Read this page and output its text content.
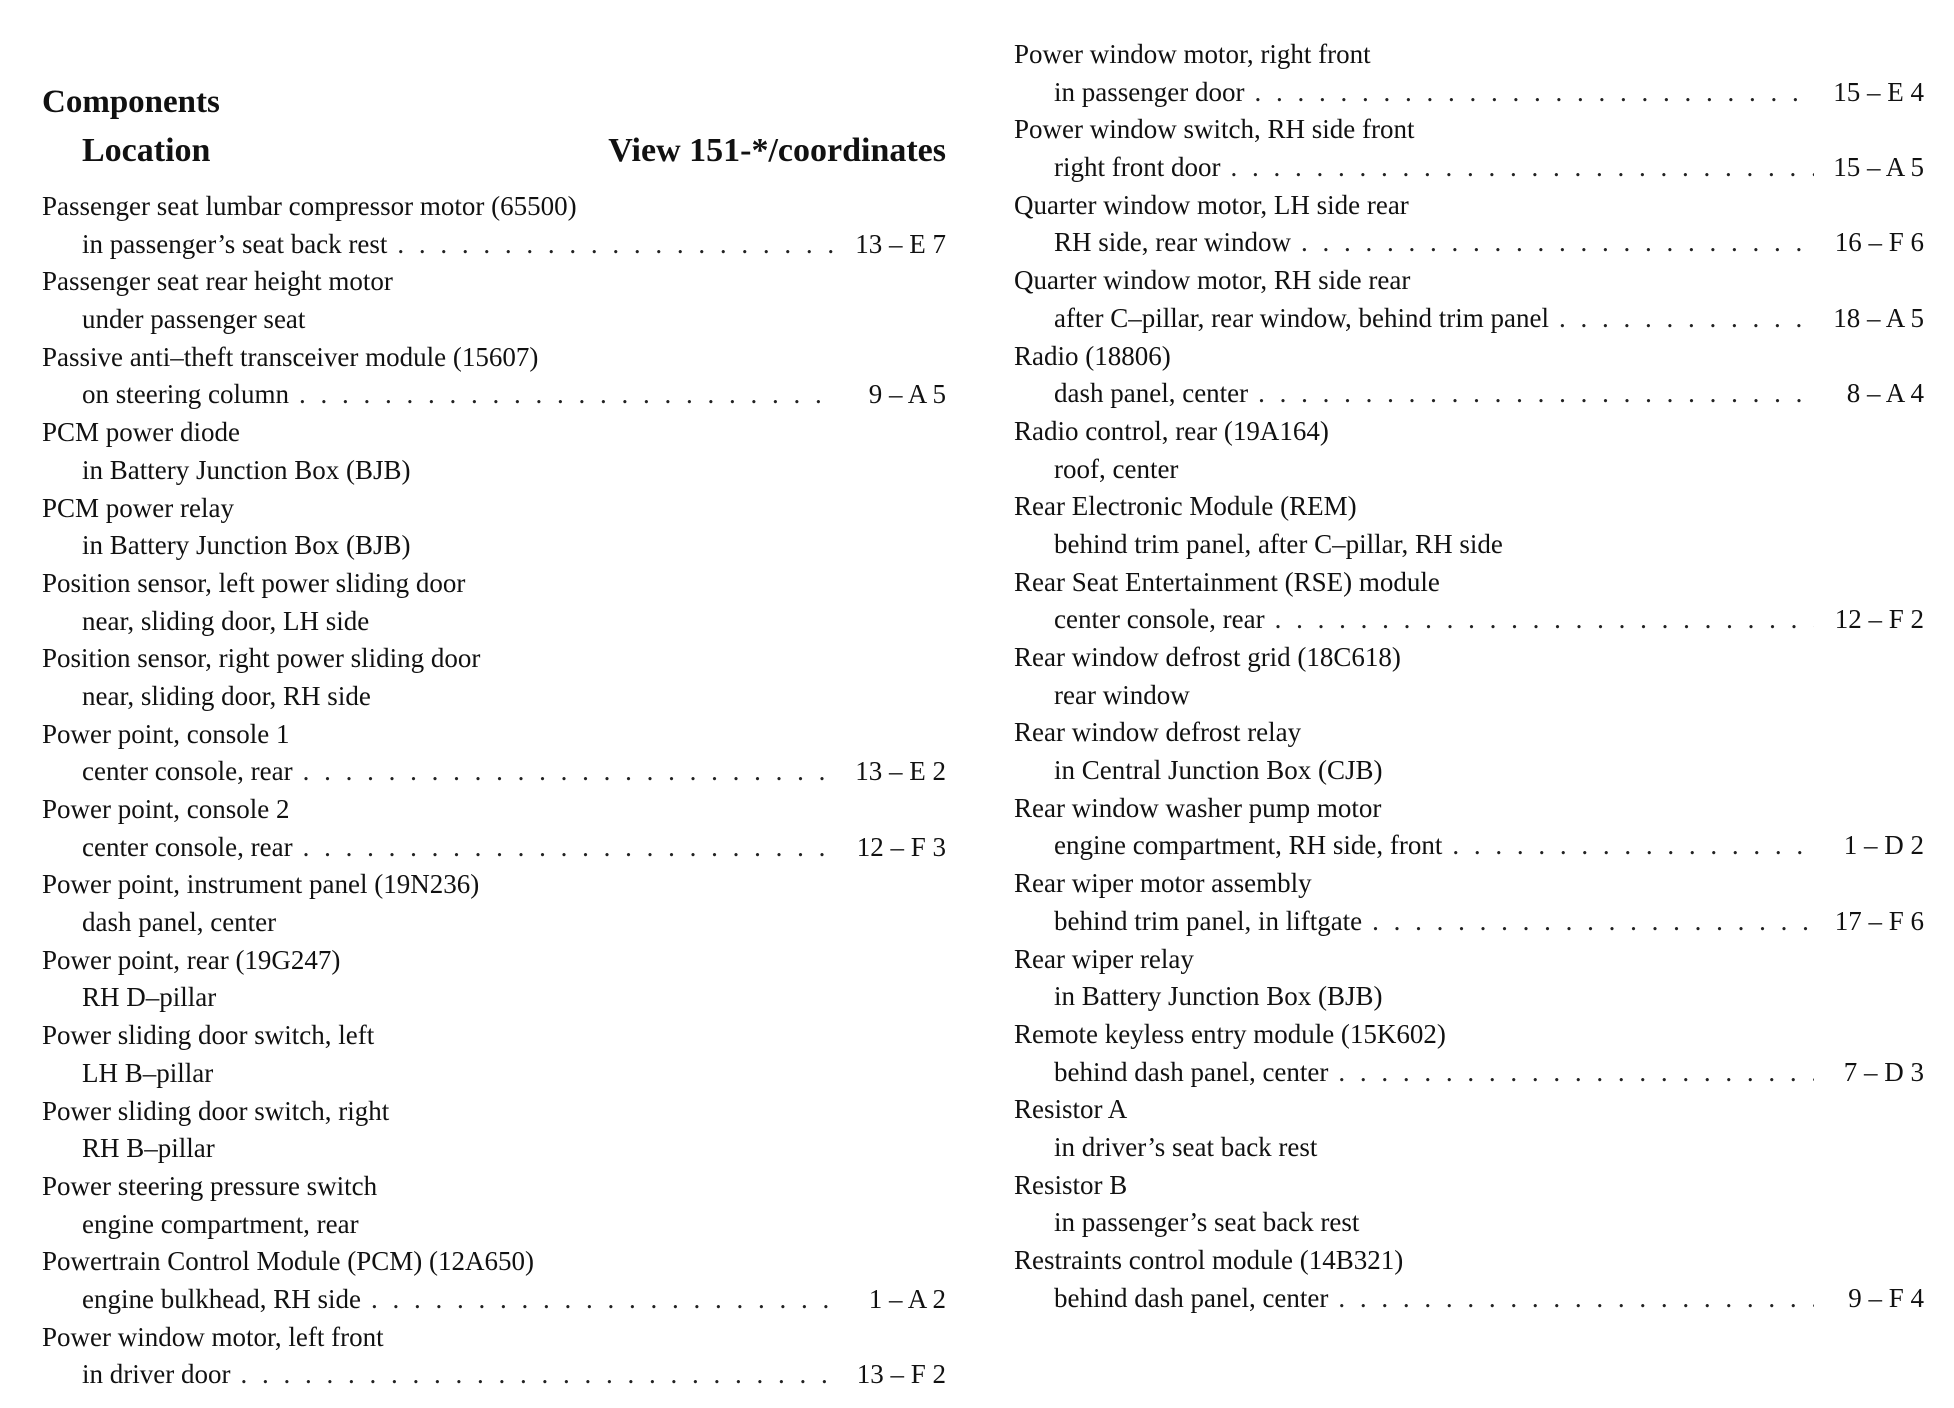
Components
Location	View 151-*/coordinates
Passenger seat lumbar compressor motor (65500)
in passenger’s seat back rest . . .	13 – E 7
Passenger seat rear height motor
under passenger seat
Passive anti–theft transceiver module (15607)
on steering column . . .	9 – A 5
PCM power diode
in Battery Junction Box (BJB)
PCM power relay
in Battery Junction Box (BJB)
Position sensor, left power sliding door
near, sliding door, LH side
Position sensor, right power sliding door
near, sliding door, RH side
Power point, console 1
center console, rear . . .	13 – E 2
Power point, console 2
center console, rear . . .	12 – F 3
Power point, instrument panel (19N236)
dash panel, center
Power point, rear (19G247)
RH D–pillar
Power sliding door switch, left
LH B–pillar
Power sliding door switch, right
RH B–pillar
Power steering pressure switch
engine compartment, rear
Powertrain Control Module (PCM) (12A650)
engine bulkhead, RH side . . .	1 – A 2
Power window motor, left front
in driver door . . .	13 – F 2
Power window motor, right front
in passenger door . . .	15 – E 4
Power window switch, RH side front
right front door . . .	15 – A 5
Quarter window motor, LH side rear
RH side, rear window . . .	16 – F 6
Quarter window motor, RH side rear
after C–pillar, rear window, behind trim panel . . .	18 – A 5
Radio (18806)
dash panel, center . . .	8 – A 4
Radio control, rear (19A164)
roof, center
Rear Electronic Module (REM)
behind trim panel, after C–pillar, RH side
Rear Seat Entertainment (RSE) module
center console, rear . . .	12 – F 2
Rear window defrost grid (18C618)
rear window
Rear window defrost relay
in Central Junction Box (CJB)
Rear window washer pump motor
engine compartment, RH side, front . . .	1 – D 2
Rear wiper motor assembly
behind trim panel, in liftgate . . .	17 – F 6
Rear wiper relay
in Battery Junction Box (BJB)
Remote keyless entry module (15K602)
behind dash panel, center . . .	7 – D 3
Resistor A
in driver’s seat back rest
Resistor B
in passenger’s seat back rest
Restraints control module (14B321)
behind dash panel, center . . .	9 – F 4
